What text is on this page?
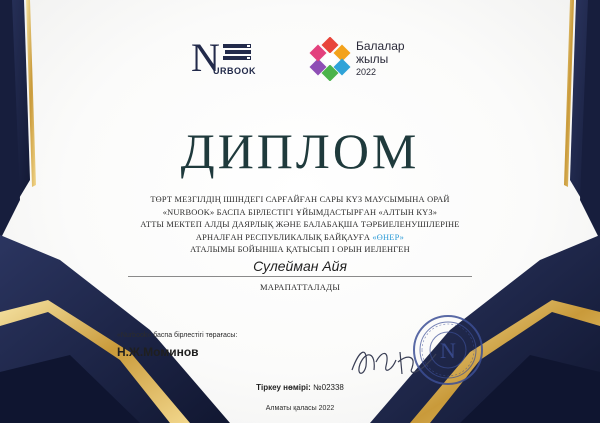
N
URBOOK
Балалар
жылы
2022
ДИПЛОМ
ТӨРТ МЕЗГІЛДІҢ ІШІНДЕГІ САРҒАЙҒАН САРЫ КҮЗ МАУСЫМЫНА ОРАЙ
«NURBOOK» БАСПА БІРЛЕСТІГІ ҰЙЫМДАСТЫРҒАН «АЛТЫН КҮЗ»
АТТЫ МЕКТЕП АЛДЫ ДАЯРЛЫҚ ЖӘНЕ БАЛАБАҚША ТӘРБИЕЛЕНУШІЛЕРІНЕ
АРНАЛҒАН РЕСПУБЛИКАЛЫҚ БАЙҚАУҒА «ӨНЕР»
АТАЛЫМЫ БОЙЫНША ҚАТЫСЫП І ОРЫН ИЕЛЕНГЕН
Сулейман Айя
МАРАПАТТАЛАДЫ
«Nurbook» баспа бірлестігі төрағасы:
Н.Ж.Моминов	N
Тіркеу нөмірі: №02338
Алматы қаласы 2022
